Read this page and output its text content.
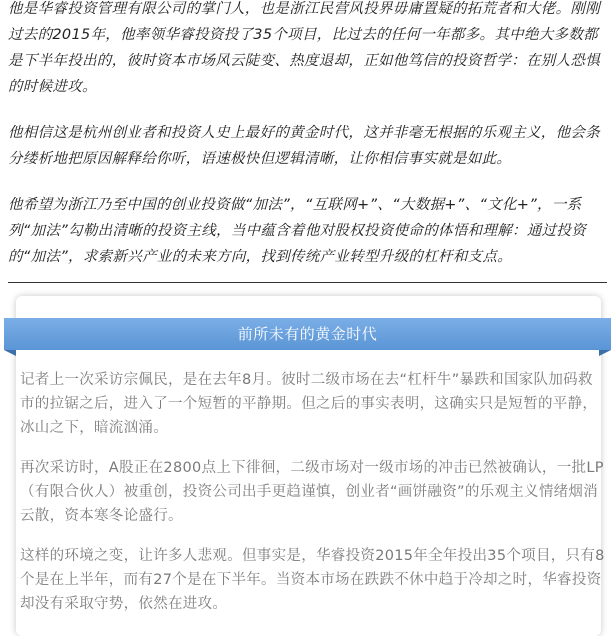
他是华睿投资管理有限公司的掌门人，也是浙江民营风投界毋庸置疑的拓荒者和大佬。刚刚过去的2015年，他率领华睿投资投了35个项目，比过去的任何一年都多。其中绝大多数都是下半年投出的，彼时资本市场风云陡变、热度退却，正如他笃信的投资哲学：在别人恐惧的时候进攻。

他相信这是杭州创业者和投资人史上最好的黄金时代，这并非毫无根据的乐观主义，他会条分缕析地把原因解释给你听，语速极快但逻辑清晰，让你相信事实就是如此。

他希望为浙江乃至中国的创业投资做“加法”，“互联网+”、“大数据+”、“文化+”，一系列“加法”勾勒出清晰的投资主线，当中蕴含着他对股权投资使命的体悟和理解：通过投资的“加法”，求索新兴产业的未来方向，找到传统产业转型升级的杠杆和支点。

前所未有的黄金时代

记者上一次采访宗佩民，是在去年8月。彼时二级市场在去“杠杆牛”暴跌和国家队加码救市的拉锯之后，进入了一个短暂的平静期。但之后的事实表明，这确实只是短暂的平静，冰山之下，暗流汹涌。

再次采访时，A股正在2800点上下徘徊，二级市场对一级市场的冲击已然被确认，一批LP（有限合伙人）被重创，投资公司出手更趋谨慎，创业者“画饼融资”的乐观主义情绪烟消云散，资本寒冬论盛行。

这样的环境之变，让许多人悲观。但事实是，华睿投资2015年全年投出35个项目，只有8个是在上半年，而有27个是在下半年。当资本市场在跌跌不休中趋于冷却之时，华睿投资却没有采取守势，依然在进攻。
